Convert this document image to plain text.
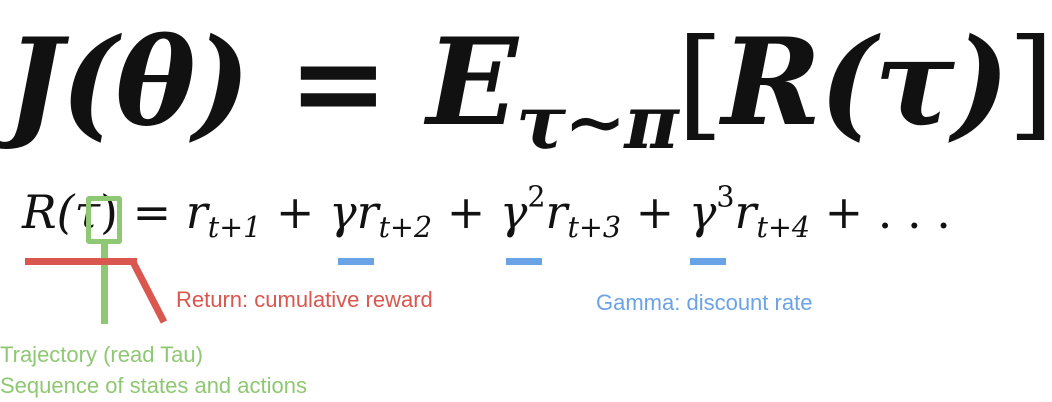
$J(\theta) = E_{\tau\sim\pi}[R(\tau)]$
$R(\tau) = r_{t+1} + \gamma r_{t+2} + \gamma^2r_{t+3} + \gamma^3r_{t+4}$ + . . .
Return: cumulative reward	Gamma: discount rate
Trajectory (read Tau)
Sequence of states and actions
